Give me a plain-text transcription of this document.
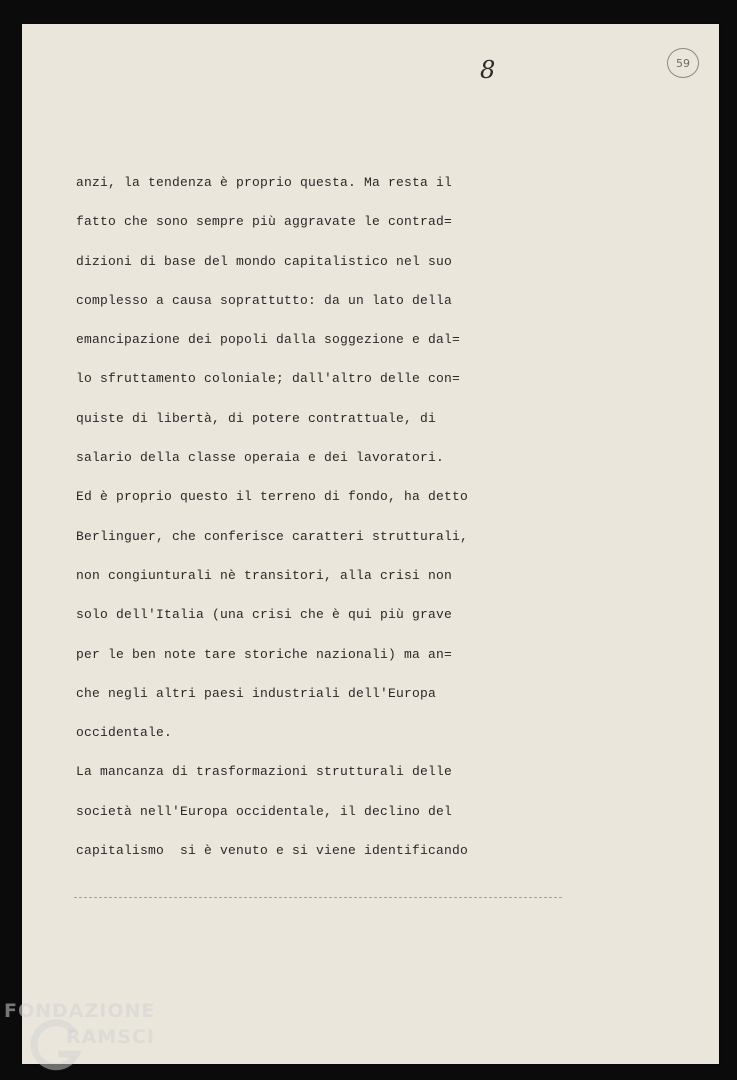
59
8
anzi, la tendenza è proprio questa. Ma resta il
fatto che sono sempre più aggravate le contrad=
dizioni di base del mondo capitalistico nel suo
complesso a causa soprattutto: da un lato della
emancipazione dei popoli dalla soggezione e dal=
lo sfruttamento coloniale; dall'altro delle con=
quiste di libertà, di potere contrattuale, di
salario della classe operaia e dei lavoratori.
Ed è proprio questo il terreno di fondo, ha detto
Berlinguer, che conferisce caratteri strutturali,
non congiunturali nè transitori, alla crisi non
solo dell'Italia (una crisi che è qui più grave
per le ben note tare storiche nazionali) ma an=
che negli altri paesi industriali dell'Europa
occidentale.
La mancanza di trasformazioni strutturali delle
società nell'Europa occidentale, il declino del
capitalismo  si è venuto e si viene identificando
FONDAZIONE
RAMSCI
